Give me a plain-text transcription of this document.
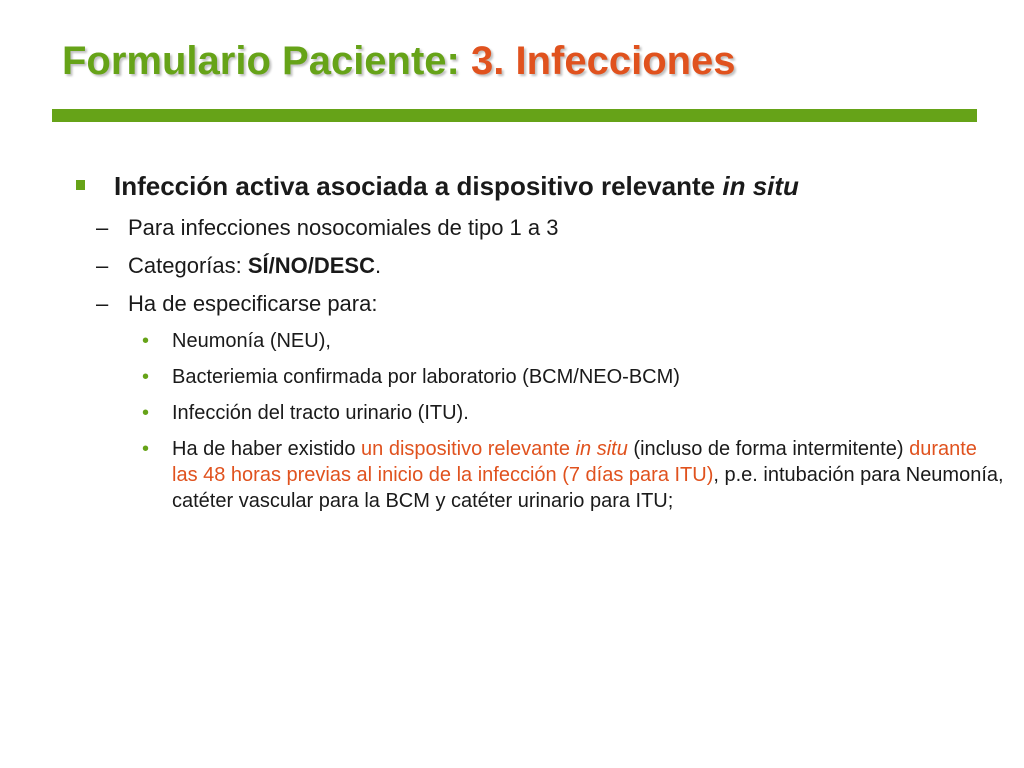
Formulario Paciente: 3. Infecciones
Infección activa asociada a dispositivo relevante in situ
– Para infecciones nosocomiales de tipo 1 a 3
– Categorías: SÍ/NO/DESC.
– Ha de especificarse para:
• Neumonía (NEU),
• Bacteriemia confirmada por laboratorio (BCM/NEO-BCM)
• Infección del tracto urinario (ITU).
• Ha de haber existido un dispositivo relevante in situ (incluso de forma intermitente) durante las 48 horas previas al inicio de la infección (7 días para ITU), p.e. intubación para Neumonía, catéter vascular para la BCM y catéter urinario para ITU;
